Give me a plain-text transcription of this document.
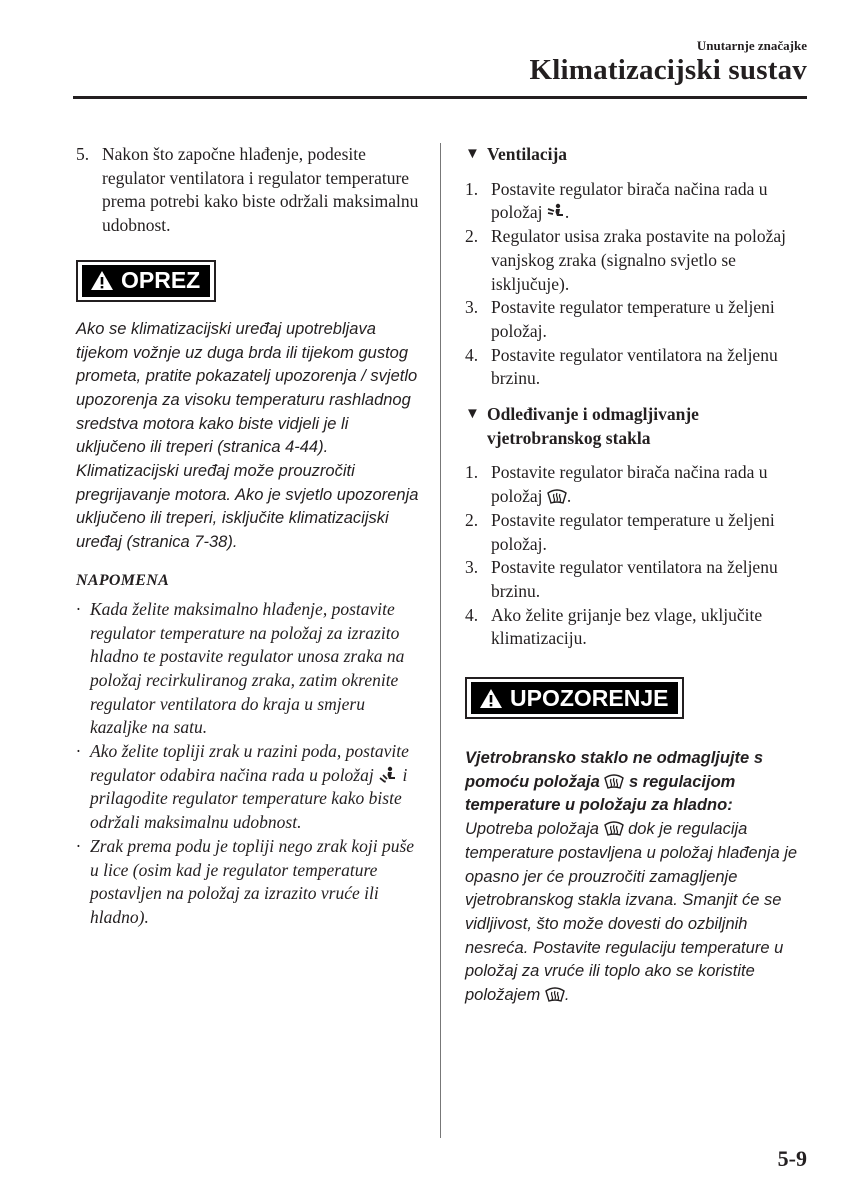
Unutarnje značajke
Klimatizacijski sustav
5. Nakon što započne hlađenje, podesite regulator ventilatora i regulator temperature prema potrebi kako biste održali maksimalnu udobnost.
OPREZ

Ako se klimatizacijski uređaj upotrebljava tijekom vožnje uz duga brda ili tijekom gustog prometa, pratite pokazatelj upozorenja / svjetlo upozorenja za visoku temperaturu rashladnog sredstva motora kako biste vidjeli je li uključeno ili treperi (stranica 4-44).

Klimatizacijski uređaj može prouzročiti pregrijavanje motora. Ako je svjetlo upozorenja uključeno ili treperi, isključite klimatizacijski uređaj (stranica 7-38).

NAPOMENA
· Kada želite maksimalno hlađenje, postavite regulator temperature na položaj za izrazito hladno te postavite regulator unosa zraka na položaj recirkuliranog zraka, zatim okrenite regulator ventilatora do kraja u smjeru kazaljke na satu.
· Ako želite topliji zrak u razini poda, postavite regulator odabira načina rada u položaj i prilagodite regulator temperature kako biste održali maksimalnu udobnost.
· Zrak prema podu je topliji nego zrak koji puše u lice (osim kad je regulator temperature postavljen na položaj za izrazito vruće ili hladno).
▼ Ventilacija
1. Postavite regulator birača načina rada u položaj .
2. Regulator usisa zraka postavite na položaj vanjskog zraka (signalno svjetlo se isključuje).
3. Postavite regulator temperature u željeni položaj.
4. Postavite regulator ventilatora na željenu brzinu.
▼ Odleđivanje i odmagljivanje
vjetrobranskog stakla
1. Postavite regulator birača načina rada u položaj .
2. Postavite regulator temperature u željeni položaj.
3. Postavite regulator ventilatora na željenu brzinu.
4. Ako želite grijanje bez vlage, uključite klimatizaciju.
UPOZORENJE

Vjetrobransko staklo ne odmagljujte s pomoću položaja s regulacijom temperature u položaju za hladno:

Upotreba položaja dok je regulacija temperature postavljena u položaj hlađenja je opasno jer će prouzročiti zamagljenje vjetrobranskog stakla izvana. Smanjit će se vidljivost, što može dovesti do ozbiljnih nesreća. Postavite regulaciju temperature u položaj za vruće ili toplo ako se koristite položajem .

5-9
